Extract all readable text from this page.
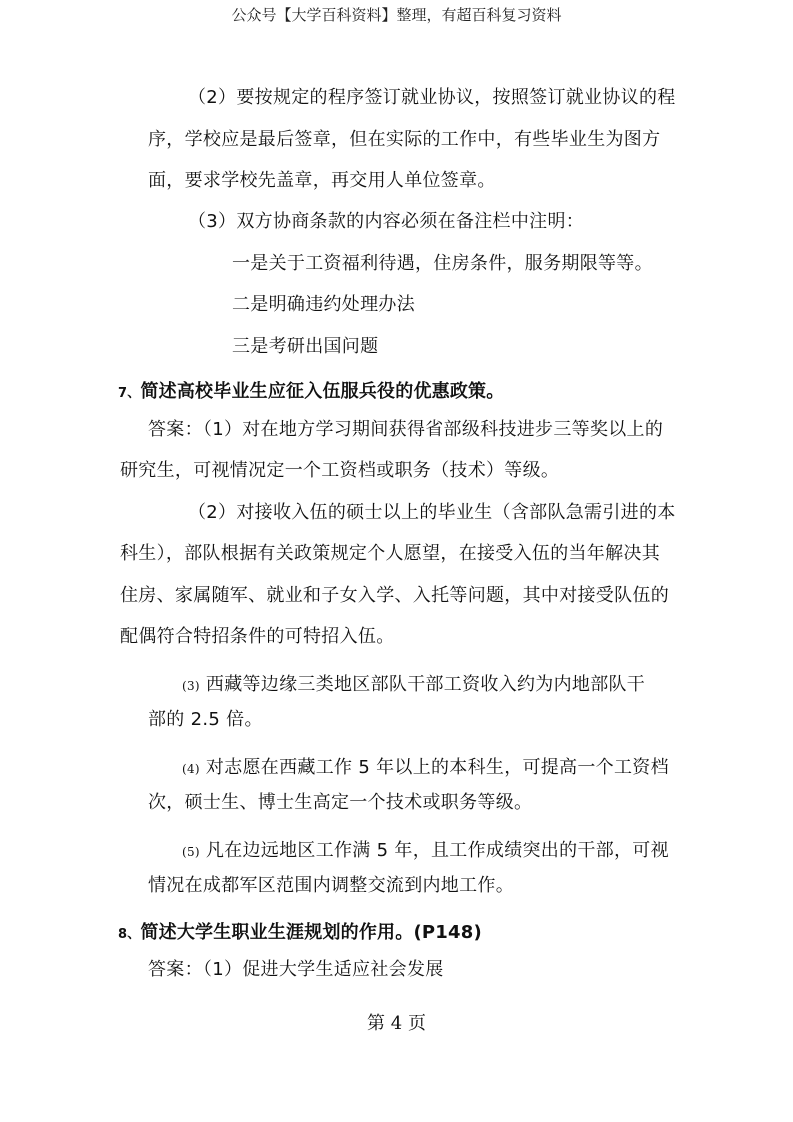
公众号【大学百科资料】整理，有超百科复习资料
（2）要按规定的程序签订就业协议，按照签订就业协议的程
序，学校应是最后签章，但在实际的工作中，有些毕业生为图方
面，要求学校先盖章，再交用人单位签章。
（3）双方协商条款的内容必须在备注栏中注明：
一是关于工资福利待遇，住房条件，服务期限等等。
二是明确违约处理办法
三是考研出国问题
7、简述高校毕业生应征入伍服兵役的优惠政策。
答案：（1）对在地方学习期间获得省部级科技进步三等奖以上的
研究生，可视情况定一个工资档或职务（技术）等级。
（2）对接收入伍的硕士以上的毕业生（含部队急需引进的本
科生），部队根据有关政策规定个人愿望，在接受入伍的当年解决其
住房、家属随军、就业和子女入学、入托等问题，其中对接受队伍的
配偶符合特招条件的可特招入伍。
(3) 西藏等边缘三类地区部队干部工资收入约为内地部队干
部的 2.5 倍。
(4) 对志愿在西藏工作 5 年以上的本科生，可提高一个工资档
次，硕士生、博士生高定一个技术或职务等级。
(5) 凡在边远地区工作满 5 年，且工作成绩突出的干部，可视
情况在成都军区范围内调整交流到内地工作。
8、简述大学生职业生涯规划的作用。(P148)
答案：（1）促进大学生适应社会发展
第 4 页
